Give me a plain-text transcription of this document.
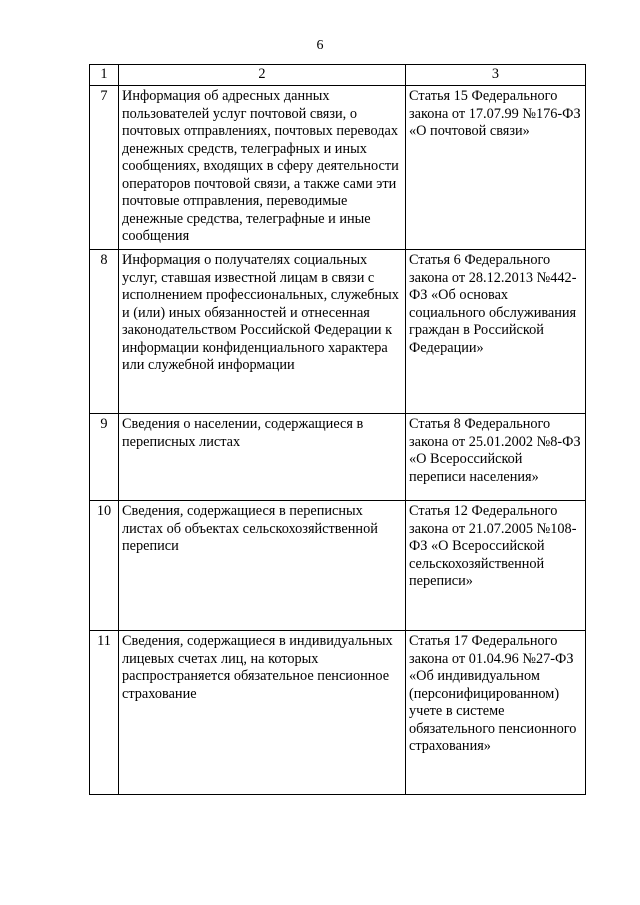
6
1	2	3
7	Информация об адресных данных пользователей услуг почтовой связи, о почтовых отправлениях, почтовых переводах денежных средств, телеграфных и иных сообщениях, входящих в сферу деятельности операторов почтовой связи, а также сами эти почтовые отправления, переводимые денежные средства, телеграфные и иные сообщения	Статья 15 Федерального закона от 17.07.99 №176-ФЗ «О почтовой связи»
8	Информация о получателях социальных услуг, ставшая известной лицам в связи с исполнением профессиональных, служебных и (или) иных обязанностей и отнесенная законодательством Российской Федерации к информации конфиденциального характера или служебной информации	Статья 6 Федерального закона от 28.12.2013 №442-ФЗ «Об основах социального обслуживания граждан в Российской Федерации»
9	Сведения о населении, содержащиеся в переписных листах	Статья 8 Федерального закона от 25.01.2002 №8-ФЗ «О Всероссийской переписи населения»
10	Сведения, содержащиеся в переписных листах об объектах сельскохозяйственной переписи	Статья 12 Федерального закона от 21.07.2005 №108-ФЗ «О Всероссийской сельскохозяйственной переписи»
11	Сведения, содержащиеся в индивидуальных лицевых счетах лиц, на которых распространяется обязательное пенсионное страхование	Статья 17 Федерального закона от 01.04.96 №27-ФЗ «Об индивидуальном (персонифицированном) учете в системе обязательного пенсионного страхования»
